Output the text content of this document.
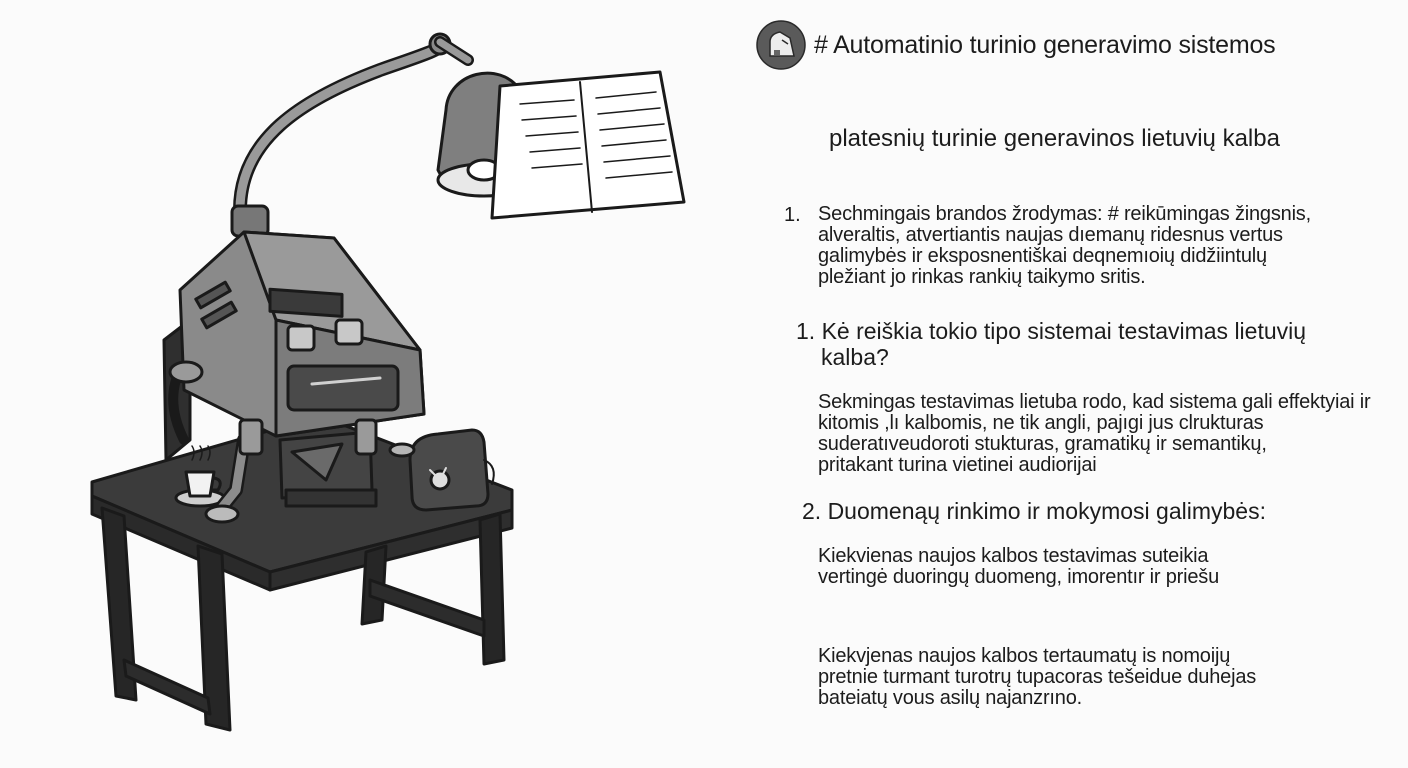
# Automatinio turinio generavimo sistemos
platesnių turinie generavinos lietuvių kalba
1. Sechmingais brandos žrodymas: # reikūmingas žingsnis,
alveraltis, atvertiantis naujas dıemanų ridesnus vertus
galimybės ir eksposnentiškai deqnemıoių didžiintulų
pležiant jo rinkas rankių taikymo sritis.
1. Kė reiškia tokio tipo sistemai testavimas lietuvių
kalba?
Sekmingas testavimas lietuba rodo, kad sistema gali effektyiai ir
kitomis ,lı kalbomis, ne tik angli, pajıgi jus clrukturas
suderatıveudoroti stukturas, gramatikų ir semantikų,
pritakant turina vietinei audiorijai
2. Duomenąų rinkimo ir mokymosi galimybės:
Kiekvienas naujos kalbos testavimas suteikia
vertingė duoringų duomeng, imorentır ir priešu
Kiekvjenas naujos kalbos tertaumatų is nomoijų
pretnie turmant turotrų tupacoras tešeidue duhejas
bateiatų vous asilų najanzrıno.
